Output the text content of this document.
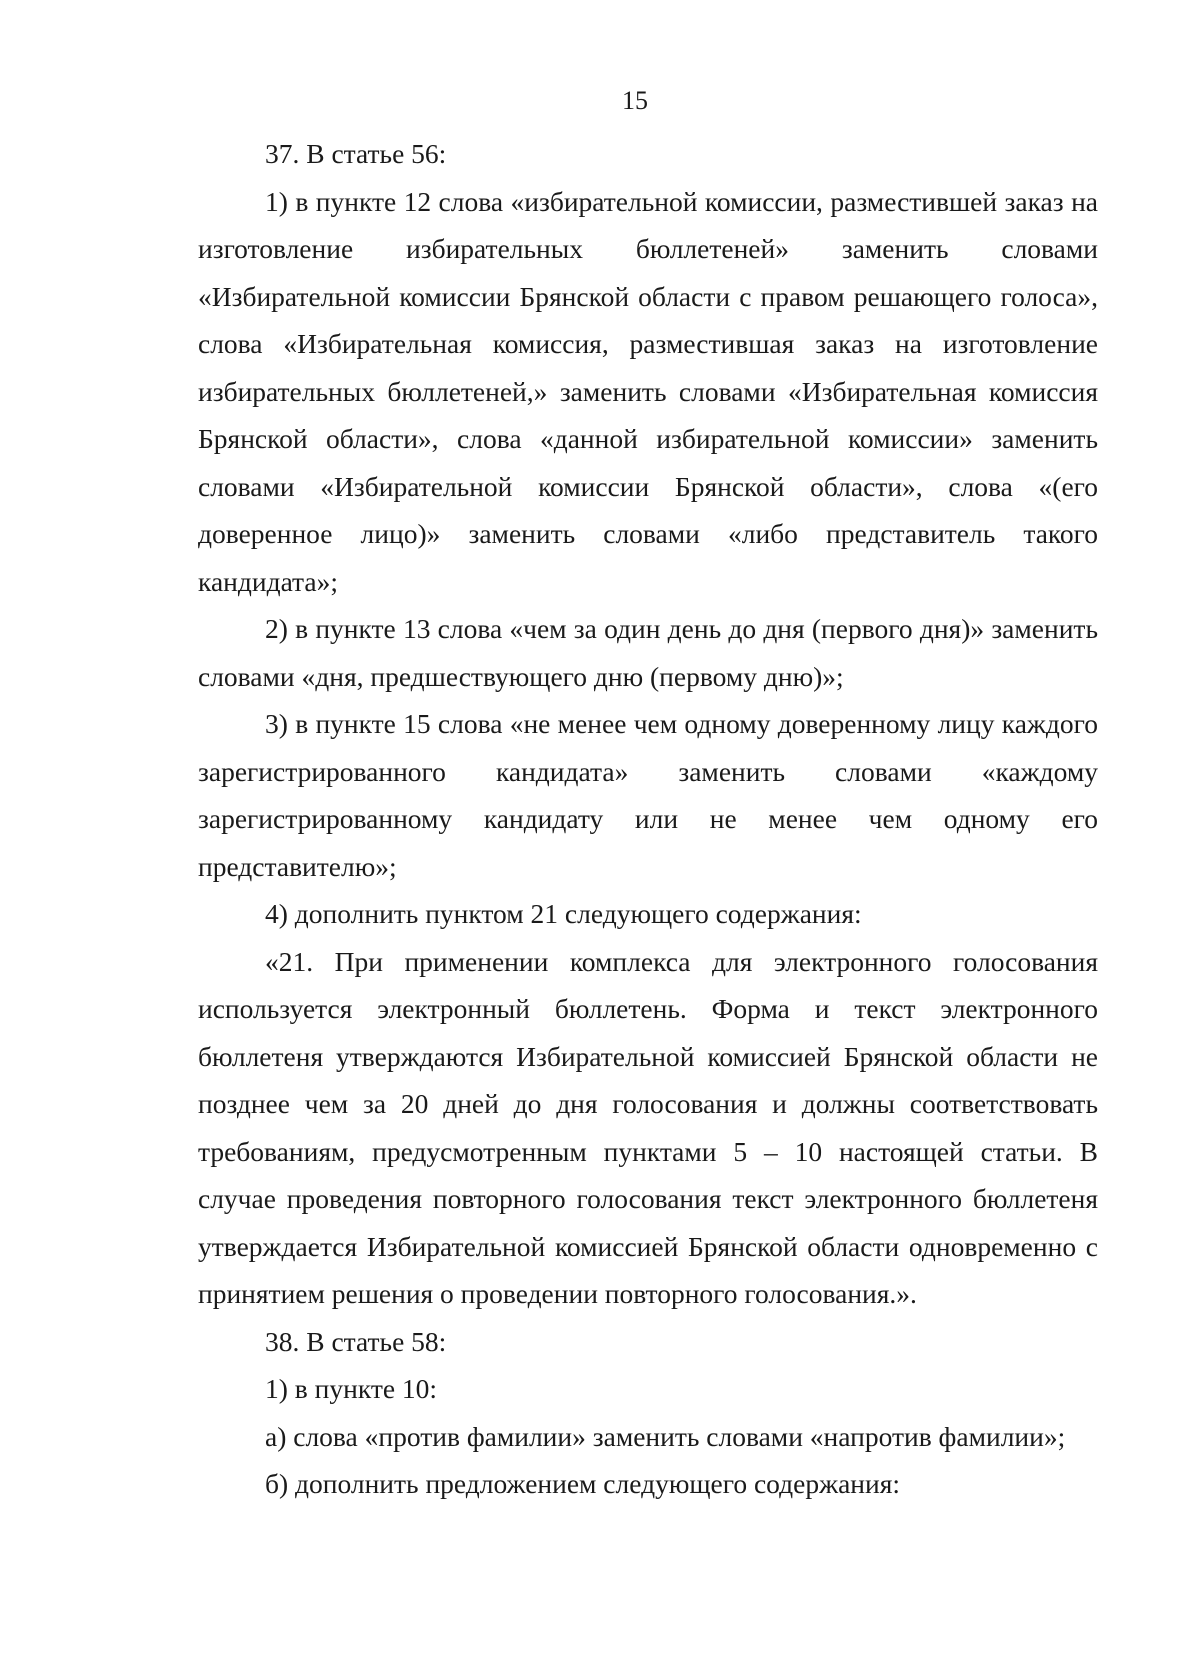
15

37. В статье 56:

1) в пункте 12 слова «избирательной комиссии, разместившей заказ на изготовление избирательных бюллетеней» заменить словами «Избирательной комиссии Брянской области с правом решающего голоса», слова «Избирательная комиссия, разместившая заказ на изготовление избирательных бюллетеней,» заменить словами «Избирательная комиссия Брянской области», слова «данной избирательной комиссии» заменить словами «Избирательной комиссии Брянской области», слова «(его доверенное лицо)» заменить словами «либо представитель такого кандидата»;

2) в пункте 13 слова «чем за один день до дня (первого дня)» заменить словами «дня, предшествующего дню (первому дню)»;

3) в пункте 15 слова «не менее чем одному доверенному лицу каждого зарегистрированного кандидата» заменить словами «каждому зарегистрированному кандидату или не менее чем одному его представителю»;

4) дополнить пунктом 21 следующего содержания:

«21. При применении комплекса для электронного голосования используется электронный бюллетень. Форма и текст электронного бюллетеня утверждаются Избирательной комиссией Брянской области не позднее чем за 20 дней до дня голосования и должны соответствовать требованиям, предусмотренным пунктами 5 – 10 настоящей статьи. В случае проведения повторного голосования текст электронного бюллетеня утверждается Избирательной комиссией Брянской области одновременно с принятием решения о проведении повторного голосования.».

38. В статье 58:

1) в пункте 10:

а) слова «против фамилии» заменить словами «напротив фамилии»;

б) дополнить предложением следующего содержания:
